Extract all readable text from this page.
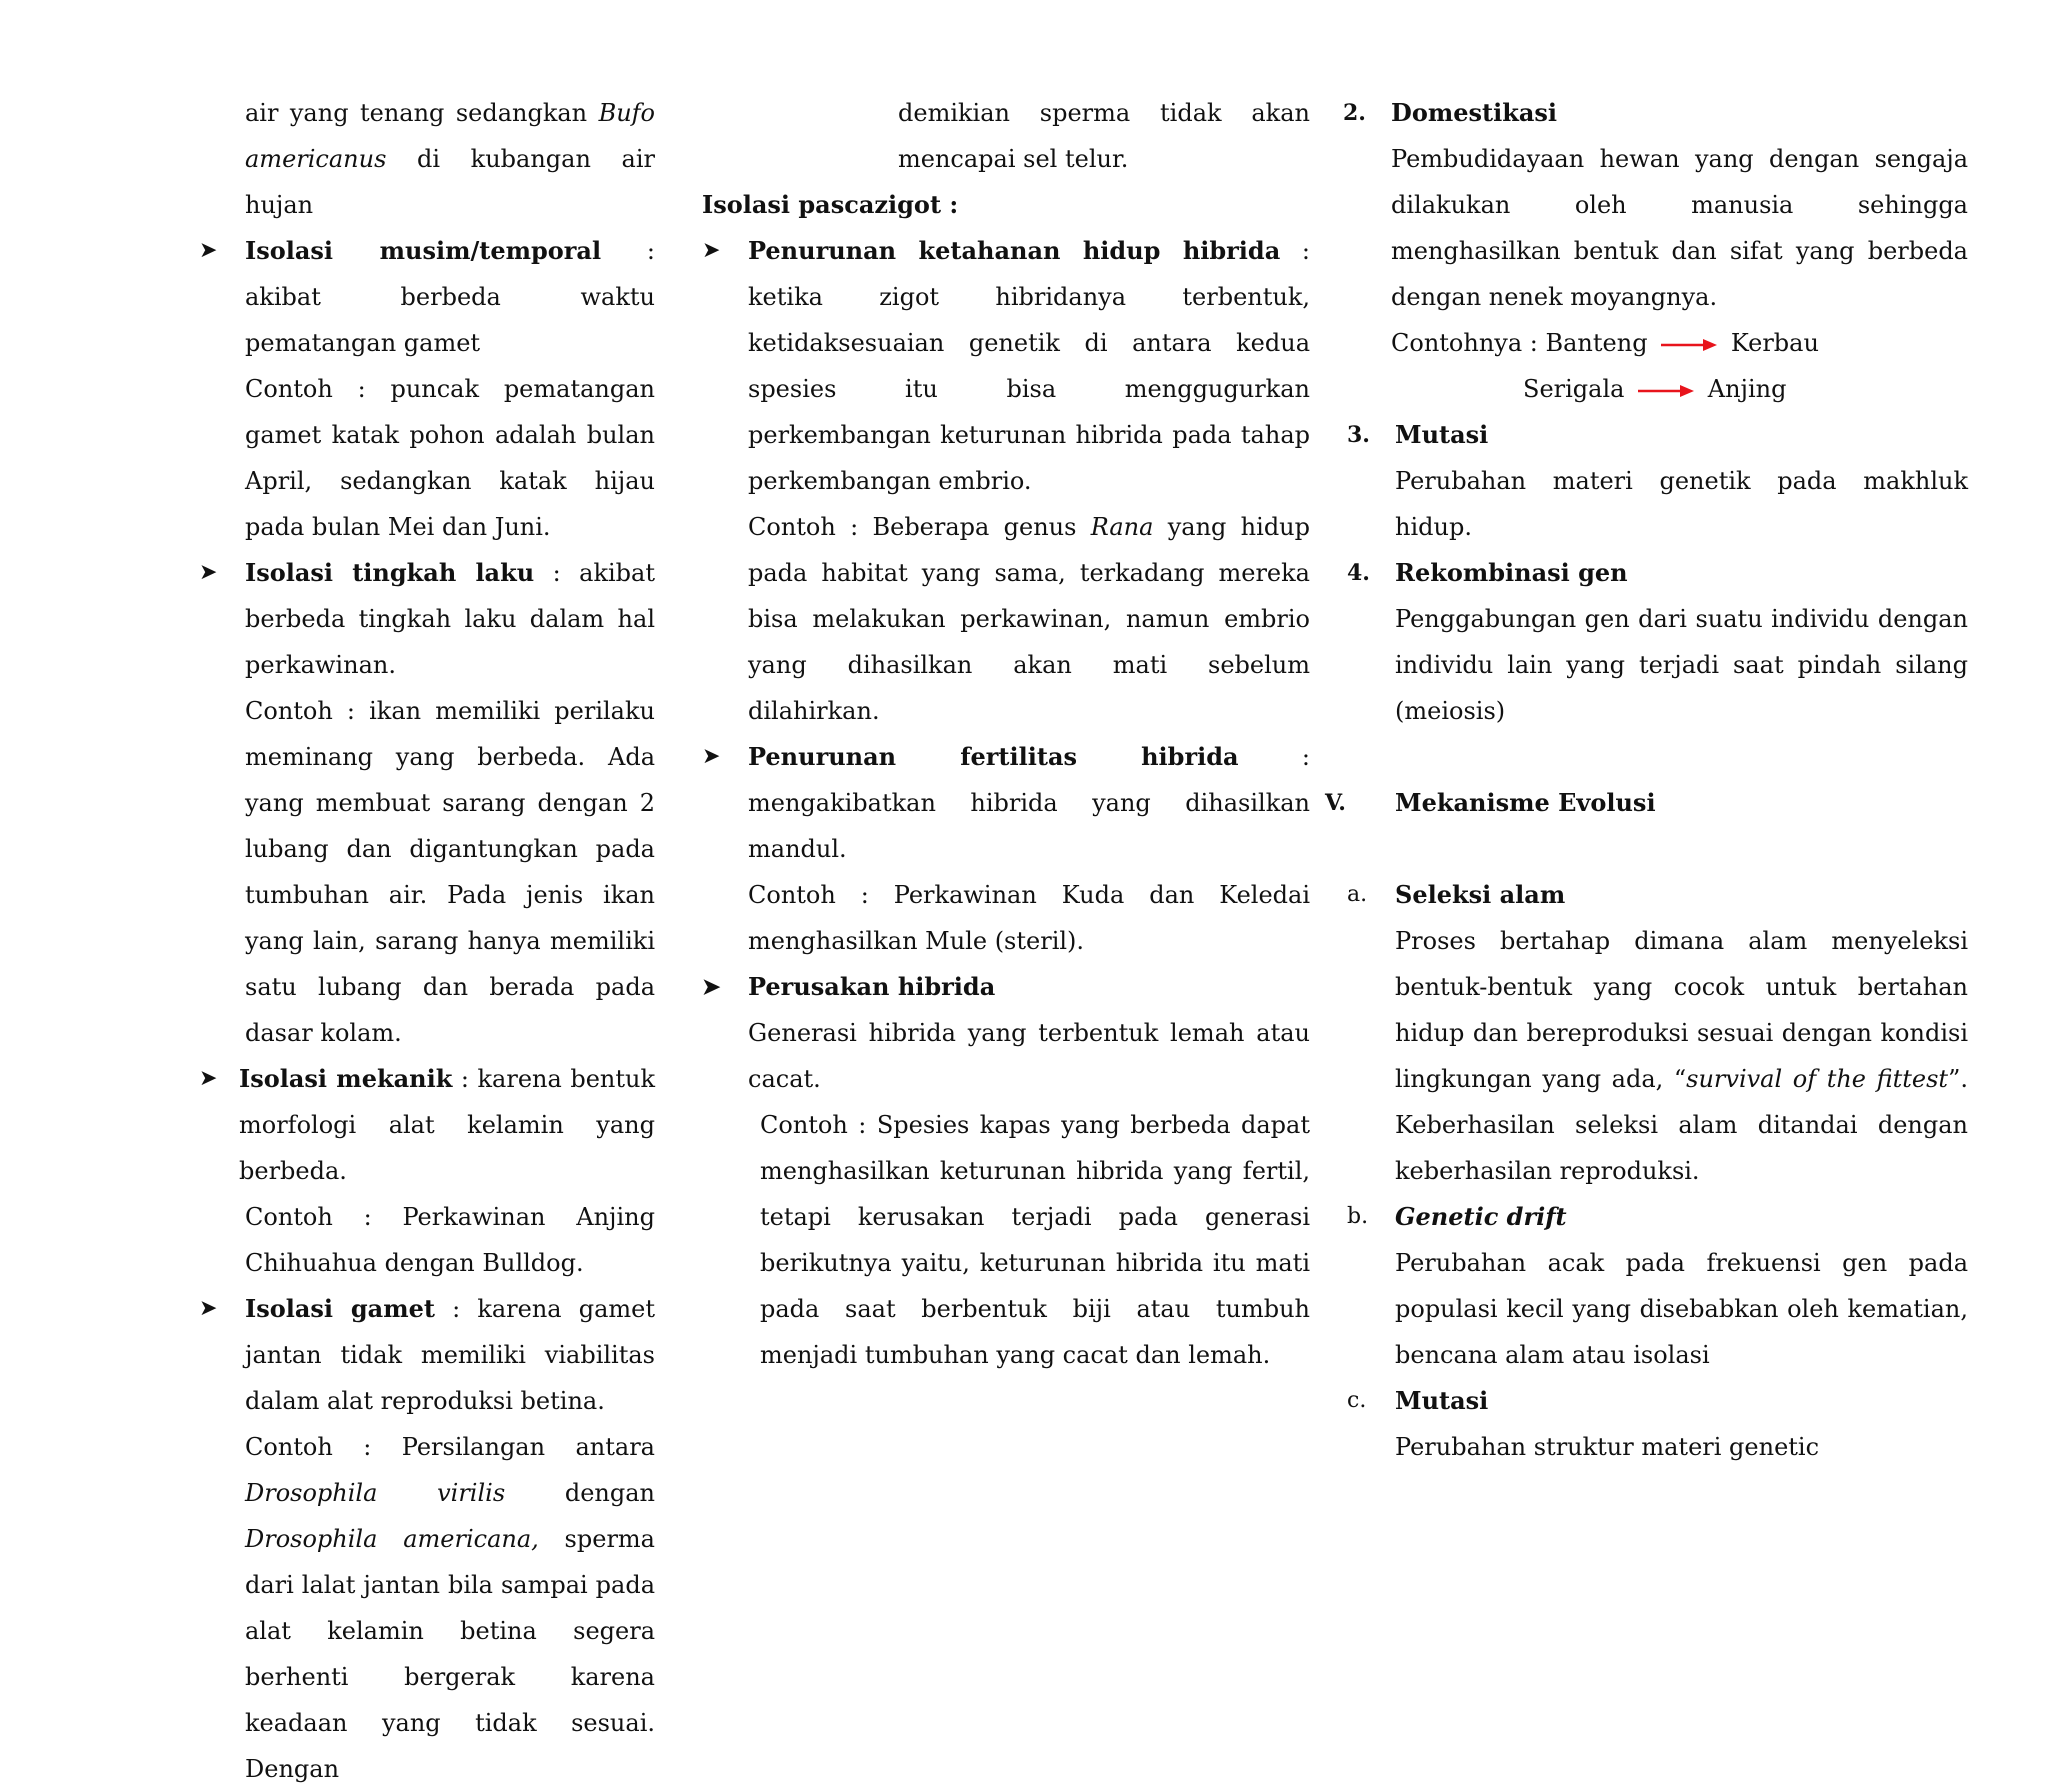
air yang tenang sedangkan Bufo

americanus di kubangan air hujan

➤	Isolasi musim/temporal : akibat berbeda waktu pematangan gamet

Contoh : puncak pematangan gamet katak pohon adalah bulan April, sedangkan katak hijau pada bulan Mei dan Juni.

➤	Isolasi tingkah laku : akibat berbeda tingkah laku dalam hal perkawinan.

Contoh : ikan memiliki perilaku meminang yang berbeda. Ada yang membuat sarang dengan 2 lubang dan digantungkan pada tumbuhan air. Pada jenis ikan yang lain, sarang hanya memiliki satu lubang dan berada pada dasar kolam.

➤ Isolasi mekanik : karena bentuk morfologi alat kelamin yang berbeda.

Contoh : Perkawinan Anjing Chihuahua dengan Bulldog.

➤	Isolasi gamet : karena gamet jantan tidak memiliki viabilitas dalam alat reproduksi betina.

Contoh : Persilangan antara Drosophila virilis dengan Drosophila americana, sperma dari lalat jantan bila sampai pada alat kelamin betina segera berhenti bergerak karena keadaan yang tidak sesuai. Dengan

demikian sperma tidak akan mencapai sel telur.

Isolasi pascazigot :

➤	Penurunan ketahanan hidup hibrida : ketika zigot hibridanya terbentuk, ketidaksesuaian genetik di antara kedua spesies itu bisa menggugurkan perkembangan keturunan hibrida pada tahap perkembangan embrio.

Contoh : Beberapa genus Rana yang hidup pada habitat yang sama, terkadang mereka bisa melakukan perkawinan, namun embrio yang dihasilkan akan mati sebelum dilahirkan.

➤	Penurunan fertilitas hibrida : mengakibatkan hibrida yang dihasilkan mandul.

Contoh : Perkawinan Kuda dan Keledai menghasilkan Mule (steril).

➤	Perusakan hibrida

Generasi hibrida yang terbentuk lemah atau cacat.

Contoh : Spesies kapas yang berbeda dapat menghasilkan keturunan hibrida yang fertil, tetapi kerusakan terjadi pada generasi berikutnya yaitu, keturunan hibrida itu mati pada saat berbentuk biji atau tumbuh menjadi tumbuhan yang cacat dan lemah.

2.	Domestikasi

Pembudidayaan hewan yang dengan sengaja dilakukan oleh manusia sehingga menghasilkan bentuk dan sifat yang berbeda dengan nenek moyangnya.

Contohnya : Banteng	Kerbau
Serigala	Anjing

3.	Mutasi

Perubahan materi genetik pada makhluk hidup.

4.	Rekombinasi gen

Penggabungan gen dari suatu individu dengan individu lain yang terjadi saat pindah silang (meiosis)

V.	Mekanisme Evolusi

a.	Seleksi alam

Proses bertahap dimana alam menyeleksi bentuk-bentuk yang cocok untuk bertahan hidup dan bereproduksi sesuai dengan kondisi lingkungan yang ada, “survival of the fittest”. Keberhasilan seleksi alam ditandai dengan keberhasilan reproduksi.

b.	Genetic drift

Perubahan acak pada frekuensi gen pada populasi kecil yang disebabkan oleh kematian, bencana alam atau isolasi

c.	Mutasi

Perubahan struktur materi genetic
